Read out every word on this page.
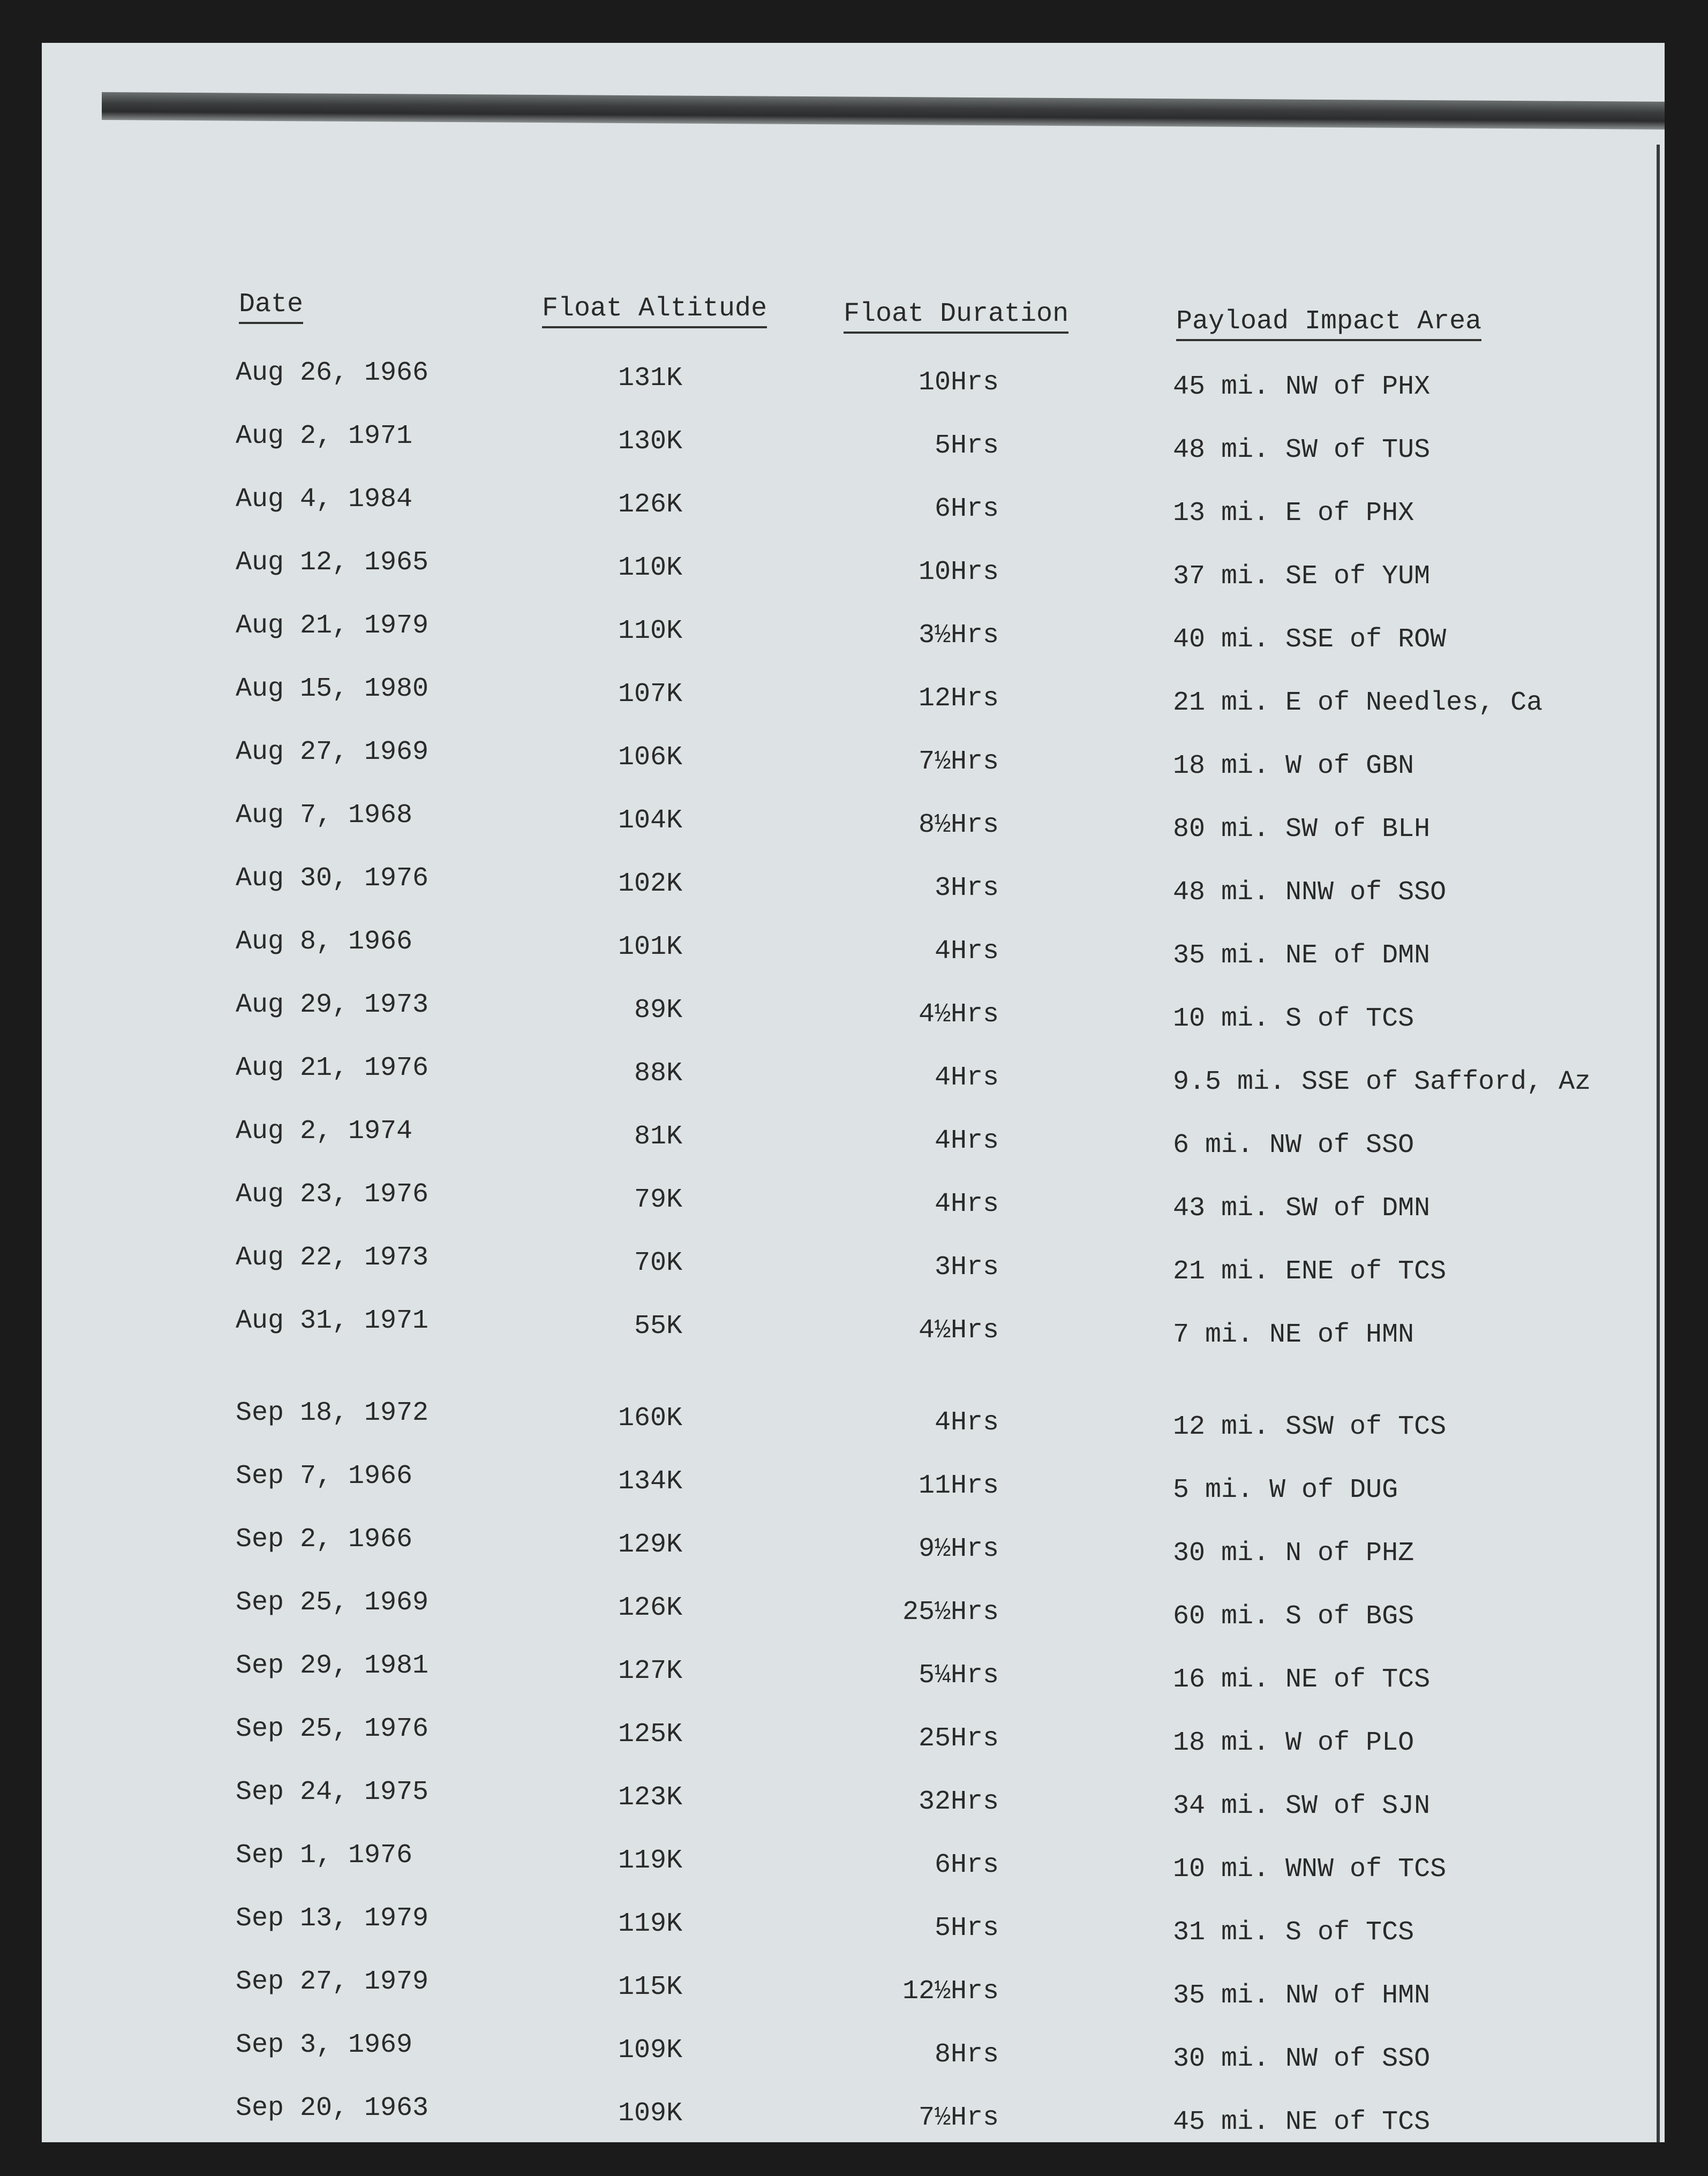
Date	Float Altitude	Float Duration	Payload Impact Area
Aug 26, 1966	131K	10Hrs	45 mi. NW of PHX
Aug 2, 1971	130K	5Hrs	48 mi. SW of TUS
Aug 4, 1984	126K	6Hrs	13 mi. E of PHX
Aug 12, 1965	110K	10Hrs	37 mi. SE of YUM
Aug 21, 1979	110K	3½Hrs	40 mi. SSE of ROW
Aug 15, 1980	107K	12Hrs	21 mi. E of Needles, Ca
Aug 27, 1969	106K	7½Hrs	18 mi. W of GBN
Aug 7, 1968	104K	8½Hrs	80 mi. SW of BLH
Aug 30, 1976	102K	3Hrs	48 mi. NNW of SSO
Aug 8, 1966	101K	4Hrs	35 mi. NE of DMN
Aug 29, 1973	89K	4½Hrs	10 mi. S of TCS
Aug 21, 1976	88K	4Hrs	9.5 mi. SSE of Safford, Az
Aug 2, 1974	81K	4Hrs	6 mi. NW of SSO
Aug 23, 1976	79K	4Hrs	43 mi. SW of DMN
Aug 22, 1973	70K	3Hrs	21 mi. ENE of TCS
Aug 31, 1971	55K	4½Hrs	7 mi. NE of HMN
Sep 18, 1972	160K	4Hrs	12 mi. SSW of TCS
Sep 7, 1966	134K	11Hrs	5 mi. W of DUG
Sep 2, 1966	129K	9½Hrs	30 mi. N of PHZ
Sep 25, 1969	126K	25½Hrs	60 mi. S of BGS
Sep 29, 1981	127K	5¼Hrs	16 mi. NE of TCS
Sep 25, 1976	125K	25Hrs	18 mi. W of PLO
Sep 24, 1975	123K	32Hrs	34 mi. SW of SJN
Sep 1, 1976	119K	6Hrs	10 mi. WNW of TCS
Sep 13, 1979	119K	5Hrs	31 mi. S of TCS
Sep 27, 1979	115K	12½Hrs	35 mi. NW of HMN
Sep 3, 1969	109K	8Hrs	30 mi. NW of SSO
Sep 20, 1963	109K	7½Hrs	45 mi. NE of TCS
